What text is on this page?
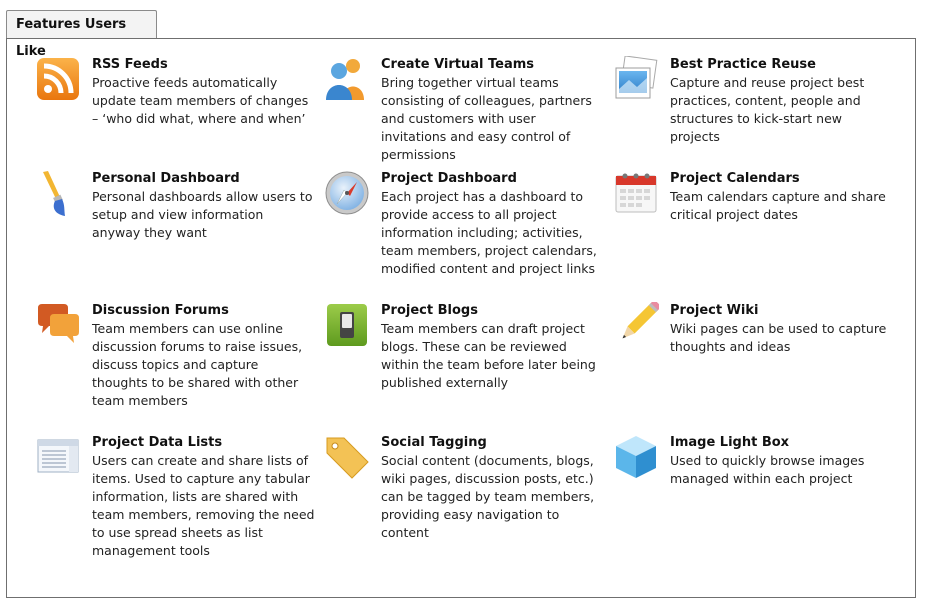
Features Users Like
RSS Feeds
Proactive feeds automatically update team members of changes – ‘who did what, where and when’
Create Virtual Teams
Bring together virtual teams consisting of colleagues, partners and customers with user invitations and easy control of permissions
Best Practice Reuse
Capture and reuse project best practices, content, people and structures to kick-start new projects
Personal Dashboard
Personal dashboards allow users to setup and view information anyway they want
Project Dashboard
Each project has a dashboard to provide access to all project information including; activities, team members, project calendars, modified content and project links
Project Calendars
Team calendars capture and share critical project dates
Discussion Forums
Team members can use online discussion forums to raise issues, discuss topics and capture thoughts to be shared with other team members
Project Blogs
Team members can draft project blogs. These can be reviewed within the team before later being published externally
Project Wiki
Wiki pages can be used to capture thoughts and ideas
Project Data Lists
Users can create and share lists of items. Used to capture any tabular information, lists are shared with team members, removing the need to use spread sheets as list management tools
Social Tagging
Social content (documents, blogs, wiki pages, discussion posts, etc.) can be tagged by team members, providing easy navigation to content
Image Light Box
Used to quickly browse images managed within each project
